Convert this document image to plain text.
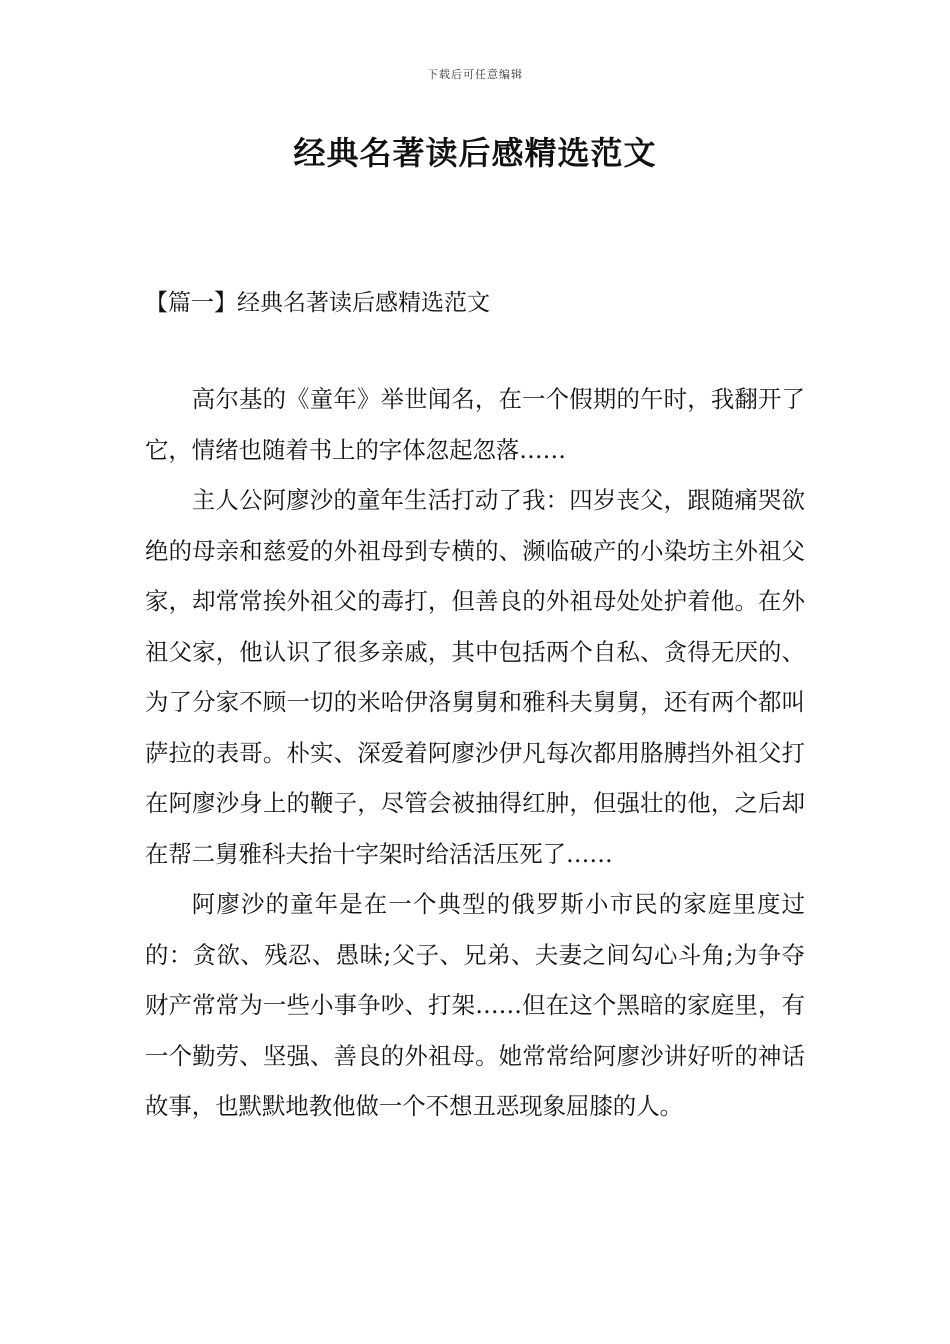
下载后可任意编辑
经典名著读后感精选范文
【篇一】经典名著读后感精选范文

高尔基的《童年》举世闻名，在一个假期的午时，我翻开了它，情绪也随着书上的字体忽起忽落……

主人公阿廖沙的童年生活打动了我：四岁丧父，跟随痛哭欲绝的母亲和慈爱的外祖母到专横的、濒临破产的小染坊主外祖父家，却常常挨外祖父的毒打，但善良的外祖母处处护着他。在外祖父家，他认识了很多亲戚，其中包括两个自私、贪得无厌的、为了分家不顾一切的米哈伊洛舅舅和雅科夫舅舅，还有两个都叫萨拉的表哥。朴实、深爱着阿廖沙伊凡每次都用胳膊挡外祖父打在阿廖沙身上的鞭子，尽管会被抽得红肿，但强壮的他，之后却在帮二舅雅科夫抬十字架时给活活压死了……

阿廖沙的童年是在一个典型的俄罗斯小市民的家庭里度过的：贪欲、残忍、愚昧;父子、兄弟、夫妻之间勾心斗角;为争夺财产常常为一些小事争吵、打架……但在这个黑暗的家庭里，有一个勤劳、坚强、善良的外祖母。她常常给阿廖沙讲好听的神话故事，也默默地教他做一个不想丑恶现象屈膝的人。
